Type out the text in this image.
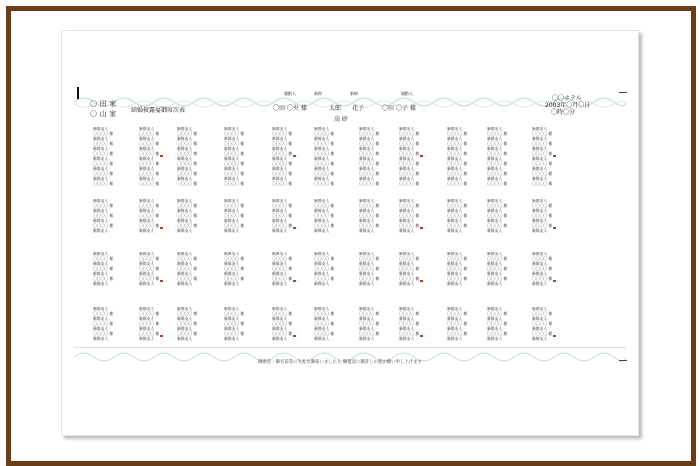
媒酌人	新郎	新婦	媒酌人
〇 田 家
〇 山 家 結婚披露宴御席次表	〇田 〇央 様	太郎 花子	〇田 〇子 様
高 砂
〇〇ホテル
2003年〇月〇日
〇時〇分
御席次・御名前等に失礼な御座いましたら 御寛容に御許しの程お願い申し上げます
新郎友人
〇〇〇〇 様
新郎友人
〇〇〇〇 様
新郎友人
〇〇〇〇 様
新郎友人
〇〇〇〇 様
新郎友人
〇〇〇〇 様
新郎友人
〇〇〇〇 様
新郎友人
〇〇〇〇 様
新郎友人
〇〇〇〇 様
新郎友人
〇〇〇〇 様
新郎友人
〇〇〇〇 様
新郎友人
〇〇〇〇 様
新郎友人
〇〇〇〇 様
新郎友人
〇〇〇〇 様
新郎友人
〇〇〇〇 様
新郎友人
〇〇〇〇 様
新郎友人
〇〇〇〇 様
新郎友人
〇〇〇〇 様
新郎友人
〇〇〇〇 様
新郎友人
〇〇〇〇 様
新郎友人
〇〇〇〇 様
新郎友人
〇〇〇〇 様
新郎友人
〇〇〇〇 様
新郎友人
〇〇〇〇 様
新郎友人
〇〇〇〇 様
新郎友人
〇〇〇〇 様
新郎友人
〇〇〇〇 様
新郎友人
〇〇〇〇 様
新郎友人
〇〇〇〇 様
新郎友人
〇〇〇〇 様
新郎友人
〇〇〇〇 様
新郎友人
〇〇〇〇 様
新郎友人
〇〇〇〇 様
新郎友人
〇〇〇〇 様
新郎友人
〇〇〇〇 様
新郎友人
〇〇〇〇 様
新郎友人
〇〇〇〇 様
新郎友人
〇〇〇〇 様
新郎友人
〇〇〇〇 様
新郎友人
〇〇〇〇 様
新郎友人
〇〇〇〇 様
新郎友人
〇〇〇〇 様
新郎友人
〇〇〇〇 様
新郎友人
〇〇〇〇 様
新郎友人
〇〇〇〇 様
新郎友人
〇〇〇〇 様
新郎友人
〇〇〇〇 様
新郎友人
〇〇〇〇 様
新郎友人
〇〇〇〇 様
新郎友人
〇〇〇〇 様
新郎友人
〇〇〇〇 様
新郎友人
〇〇〇〇 様
新郎友人
〇〇〇〇 様
新郎友人
〇〇〇〇 様
新郎友人
〇〇〇〇 様
新郎友人
〇〇〇〇 様
新郎友人
〇〇〇〇 様
新郎友人
〇〇〇〇 様
新郎友人
〇〇〇〇 様
新郎友人
〇〇〇〇 様
新郎友人
〇〇〇〇 様
新郎友人
〇〇〇〇 様
新郎友人
〇〇〇〇 様
新郎友人
〇〇〇〇 様
新郎友人
〇〇〇〇 様
新郎友人
〇〇〇〇 様
新郎友人
〇〇〇〇 様
新郎友人
〇〇〇〇 様
新郎友人
〇〇〇〇 様
新郎友人
〇〇〇〇 様
新郎友人
新郎友人
〇〇〇〇 様
新郎友人
〇〇〇〇 様
新郎友人
〇〇〇〇 様
新郎友人
新郎友人
〇〇〇〇 様
新郎友人
〇〇〇〇 様
新郎友人
〇〇〇〇 様
新郎友人
新郎友人
〇〇〇〇 様
新郎友人
〇〇〇〇 様
新郎友人
〇〇〇〇 様
新郎友人
新郎友人
〇〇〇〇 様
新郎友人
〇〇〇〇 様
新郎友人
〇〇〇〇 様
新郎友人
新郎友人
〇〇〇〇 様
新郎友人
〇〇〇〇 様
新郎友人
〇〇〇〇 様
新郎友人
新郎友人
〇〇〇〇 様
新郎友人
〇〇〇〇 様
新郎友人
〇〇〇〇 様
新郎友人
新郎友人
〇〇〇〇 様
新郎友人
〇〇〇〇 様
新郎友人
〇〇〇〇 様
新郎友人
新郎友人
〇〇〇〇 様
新郎友人
〇〇〇〇 様
新郎友人
〇〇〇〇 様
新郎友人
新郎友人
〇〇〇〇 様
新郎友人
〇〇〇〇 様
新郎友人
〇〇〇〇 様
新郎友人
新郎友人
〇〇〇〇 様
新郎友人
〇〇〇〇 様
新郎友人
〇〇〇〇 様
新郎友人
新郎友人
〇〇〇〇 様
新郎友人
〇〇〇〇 様
新郎友人
〇〇〇〇 様
新郎友人
新郎友人
〇〇〇〇 様
新郎友人
〇〇〇〇 様
新郎友人
〇〇〇〇 様
新郎友人
新郎友人
〇〇〇〇 様
新郎友人
〇〇〇〇 様
新郎友人
〇〇〇〇 様
新郎友人
新郎友人
〇〇〇〇 様
新郎友人
〇〇〇〇 様
新郎友人
〇〇〇〇 様
新郎友人
新郎友人
〇〇〇〇 様
新郎友人
〇〇〇〇 様
新郎友人
〇〇〇〇 様
新郎友人
新郎友人
〇〇〇〇 様
新郎友人
〇〇〇〇 様
新郎友人
〇〇〇〇 様
新郎友人
新郎友人
〇〇〇〇 様
新郎友人
〇〇〇〇 様
新郎友人
〇〇〇〇 様
新郎友人
新郎友人
〇〇〇〇 様
新郎友人
〇〇〇〇 様
新郎友人
〇〇〇〇 様
新郎友人
新郎友人
〇〇〇〇 様
新郎友人
〇〇〇〇 様
新郎友人
〇〇〇〇 様
新郎友人
新郎友人
〇〇〇〇 様
新郎友人
〇〇〇〇 様
新郎友人
〇〇〇〇 様
新郎友人
新郎友人
〇〇〇〇 様
新郎友人
〇〇〇〇 様
新郎友人
〇〇〇〇 様
新郎友人
新郎友人
〇〇〇〇 様
新郎友人
〇〇〇〇 様
新郎友人
〇〇〇〇 様
新郎友人
新郎友人
〇〇〇〇 様
新郎友人
〇〇〇〇 様
新郎友人
〇〇〇〇 様
新郎友人
新郎友人
〇〇〇〇 様
新郎友人
〇〇〇〇 様
新郎友人
〇〇〇〇 様
新郎友人
新郎友人
〇〇〇〇 様
新郎友人
〇〇〇〇 様
新郎友人
〇〇〇〇 様
新郎友人
新郎友人
〇〇〇〇 様
新郎友人
〇〇〇〇 様
新郎友人
〇〇〇〇 様
新郎友人
新郎友人
〇〇〇〇 様
新郎友人
〇〇〇〇 様
新郎友人
〇〇〇〇 様
新郎友人
新郎友人
〇〇〇〇 様
新郎友人
〇〇〇〇 様
新郎友人
〇〇〇〇 様
新郎友人
新郎友人
〇〇〇〇 様
新郎友人
〇〇〇〇 様
新郎友人
〇〇〇〇 様
新郎友人
新郎友人
〇〇〇〇 様
新郎友人
〇〇〇〇 様
新郎友人
〇〇〇〇 様
新郎友人
新郎友人
〇〇〇〇 様
新郎友人
〇〇〇〇 様
新郎友人
〇〇〇〇 様
新郎友人
新郎友人
〇〇〇〇 様
新郎友人
〇〇〇〇 様
新郎友人
〇〇〇〇 様
新郎友人
